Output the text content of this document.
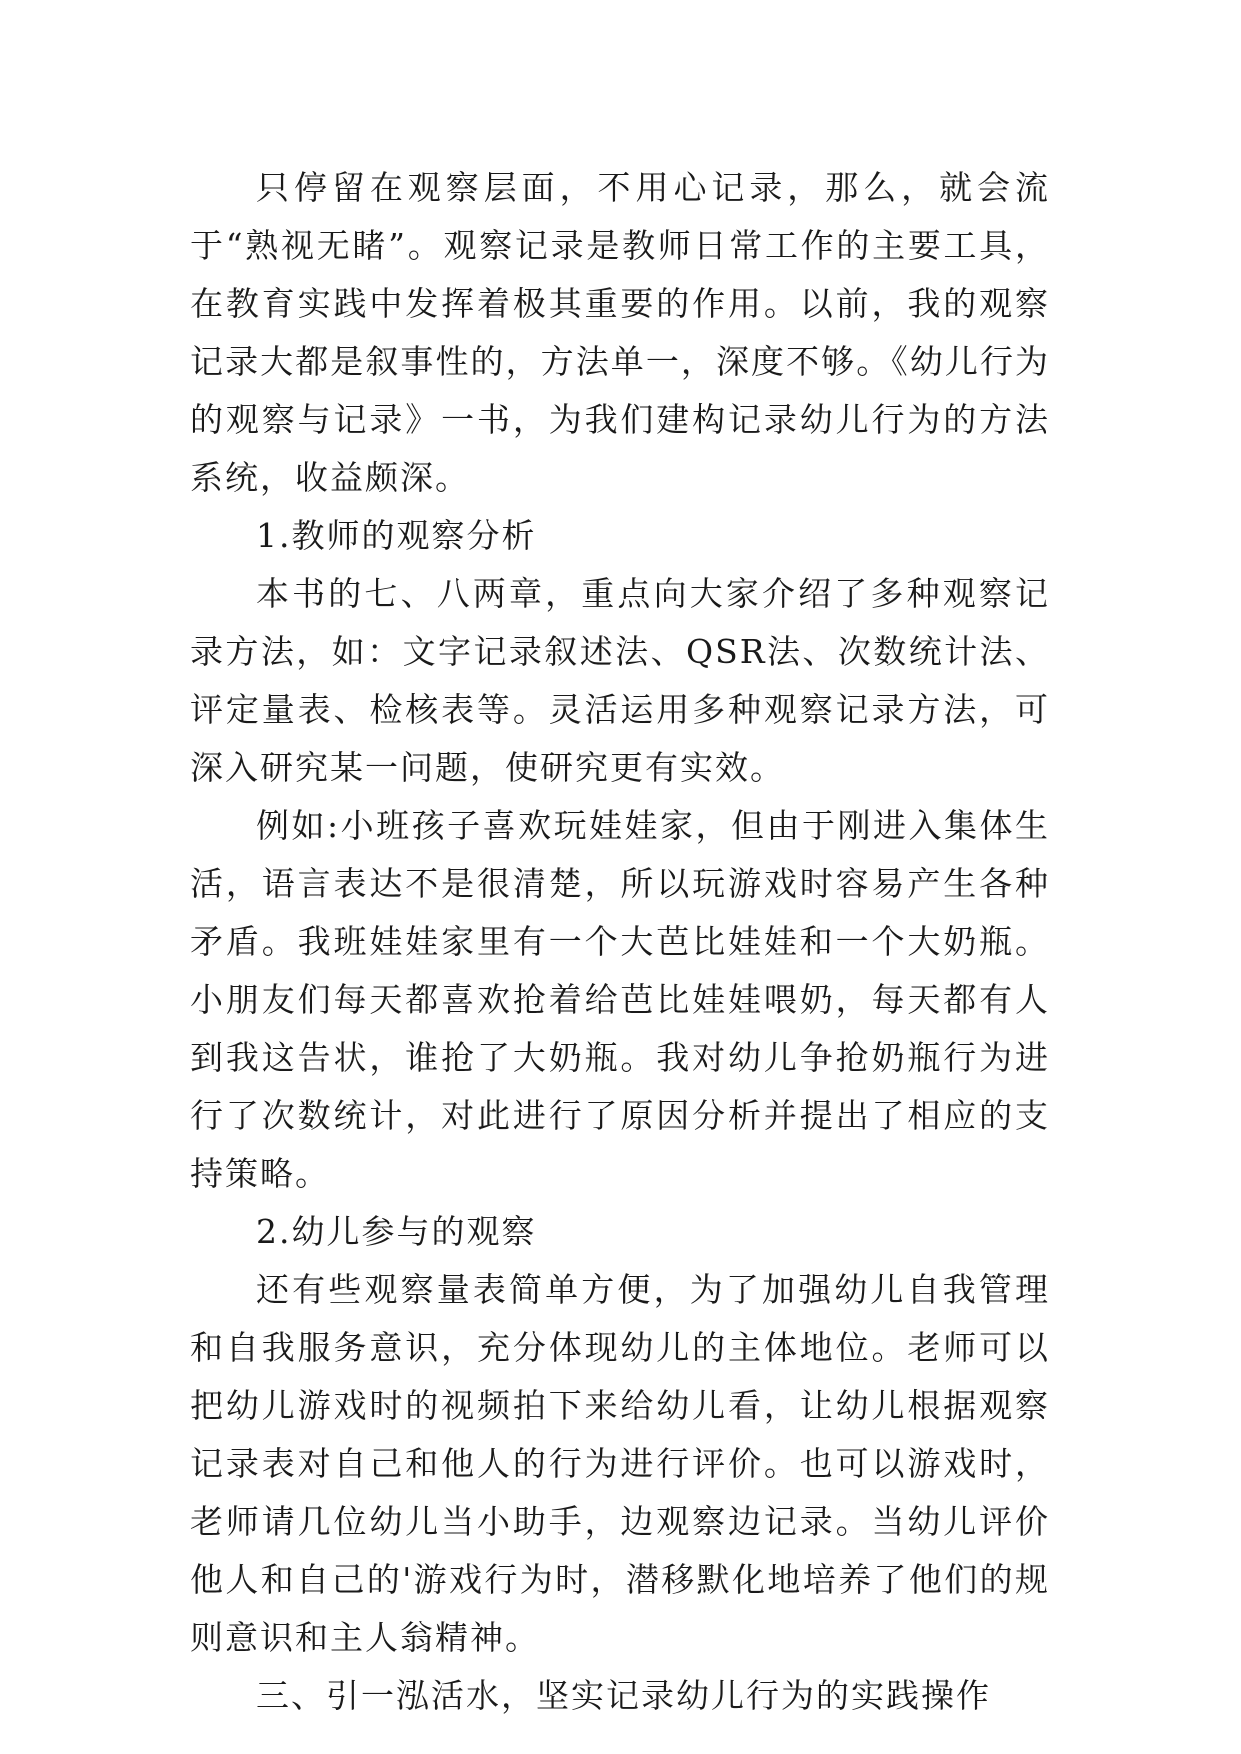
只停留在观察层面，不用心记录，那么，就会流于“熟视无睹”。观察记录是教师日常工作的主要工具，在教育实践中发挥着极其重要的作用。以前，我的观察记录大都是叙事性的，方法单一，深度不够。《幼儿行为的观察与记录》一书，为我们建构记录幼儿行为的方法系统，收益颇深。

1.教师的观察分析

本书的七、八两章，重点向大家介绍了多种观察记录方法，如：文字记录叙述法、QSR法、次数统计法、评定量表、检核表等。灵活运用多种观察记录方法，可深入研究某一问题，使研究更有实效。

例如:小班孩子喜欢玩娃娃家，但由于刚进入集体生活，语言表达不是很清楚，所以玩游戏时容易产生各种矛盾。我班娃娃家里有一个大芭比娃娃和一个大奶瓶。小朋友们每天都喜欢抢着给芭比娃娃喂奶，每天都有人到我这告状，谁抢了大奶瓶。我对幼儿争抢奶瓶行为进行了次数统计，对此进行了原因分析并提出了相应的支持策略。

2.幼儿参与的观察

还有些观察量表简单方便，为了加强幼儿自我管理和自我服务意识，充分体现幼儿的主体地位。老师可以把幼儿游戏时的视频拍下来给幼儿看，让幼儿根据观察记录表对自己和他人的行为进行评价。也可以游戏时，老师请几位幼儿当小助手，边观察边记录。当幼儿评价他人和自己的'游戏行为时，潜移默化地培养了他们的规则意识和主人翁精神。

三、引一泓活水，坚实记录幼儿行为的实践操作
